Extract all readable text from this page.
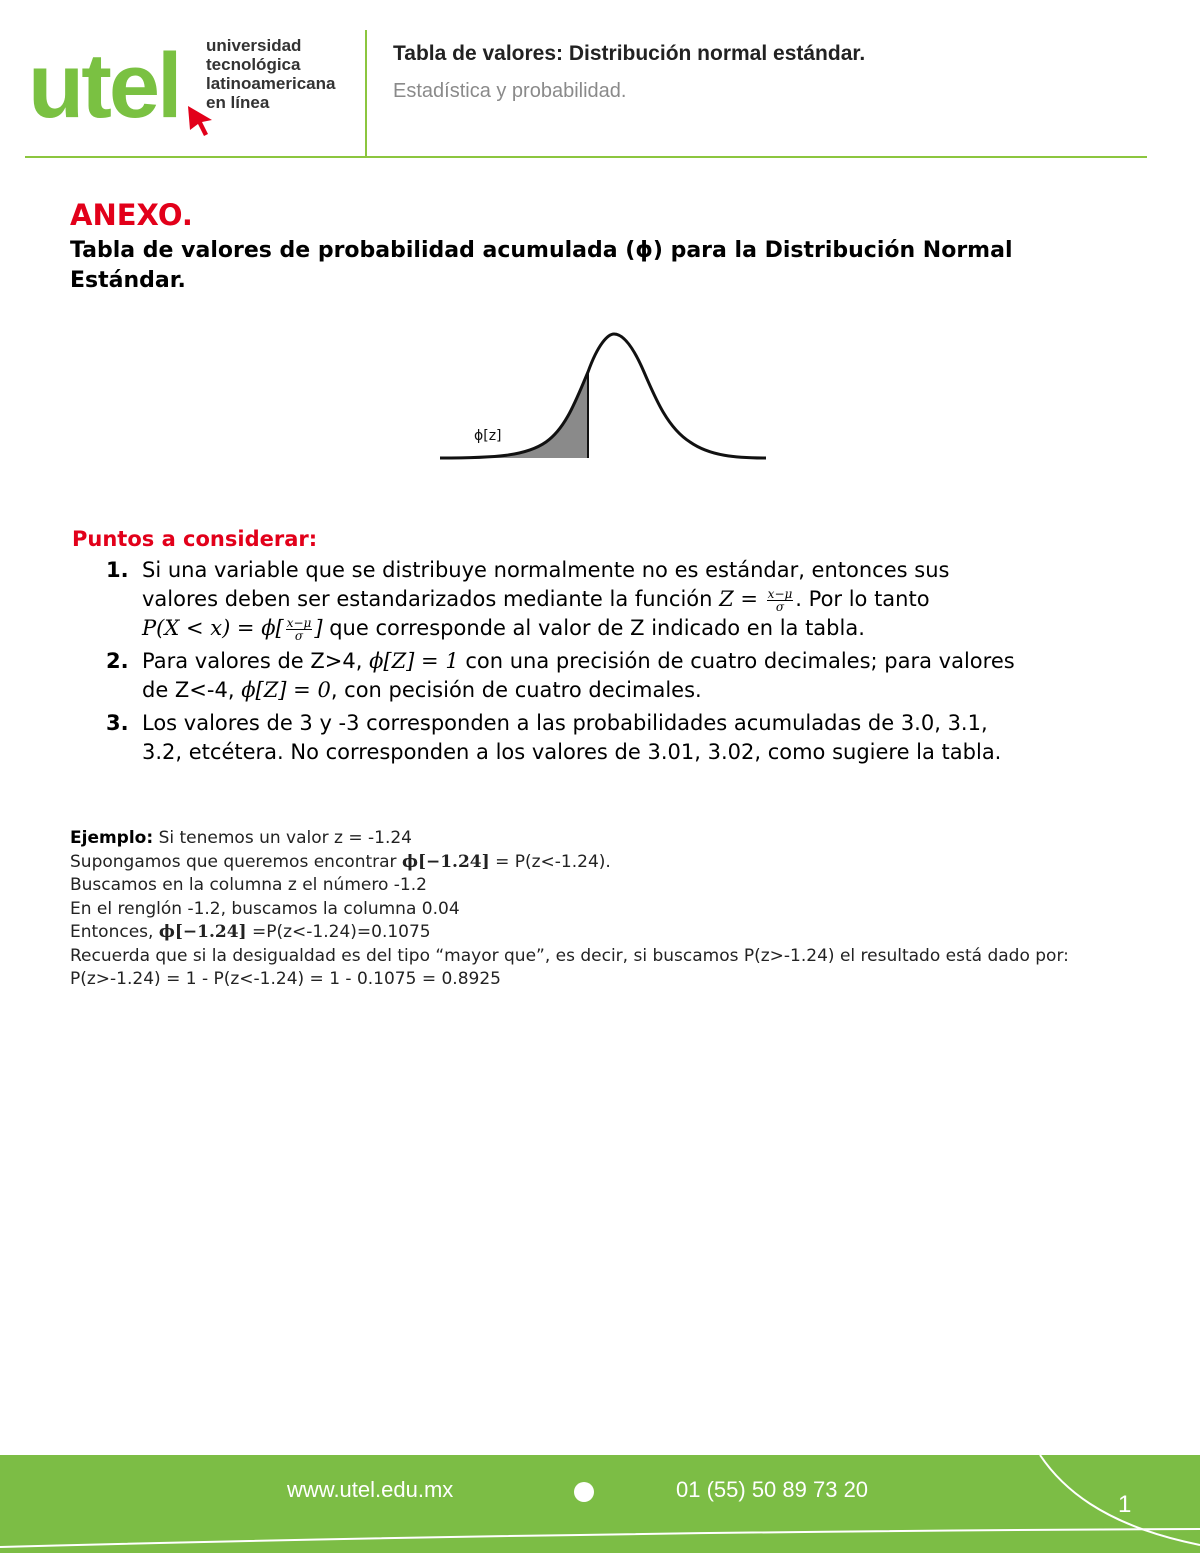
utel universidad
tecnológica
latinoamericana
en línea
Tabla de valores: Distribución normal estándar.
Estadística y probabilidad.
ANEXO.
Tabla de valores de probabilidad acumulada (ϕ) para la Distribución Normal Estándar.
ϕ[z]
Puntos a considerar:
1. Si una variable que se distribuye normalmente no es estándar, entonces sus
valores deben ser estandarizados mediante la función $Z = \frac{x-\mu}{\sigma}$ . Por lo tanto
$P(X < x) = \phi[ \frac{x-\mu}{\sigma}$ ] que corresponde al valor de Z indicado en la tabla.
2. Para valores de Z>4, ϕ[Z] = 1 con una precisión de cuatro decimales; para valores
de Z<-4, ϕ[Z] = 0, con pecisión de cuatro decimales.
3. Los valores de 3 y -3 corresponden a las probabilidades acumuladas de 3.0, 3.1,
3.2, etcétera. No corresponden a los valores de 3.01, 3.02, como sugiere la tabla.
Ejemplo: Si tenemos un valor z = -1.24
Supongamos que queremos encontrar ϕ[−1.24] = P(z<-1.24).
Buscamos en la columna z el número -1.2
En el renglón -1.2, buscamos la columna 0.04
Entonces, ϕ[−1.24] =P(z<-1.24)=0.1075
Recuerda que si la desigualdad es del tipo “mayor que”, es decir, si buscamos P(z>-1.24) el resultado está dado por:
P(z>-1.24) = 1 - P(z<-1.24) = 1 - 0.1075 = 0.8925
www.utel.edu.mx	01 (55) 50 89 73 20
1
